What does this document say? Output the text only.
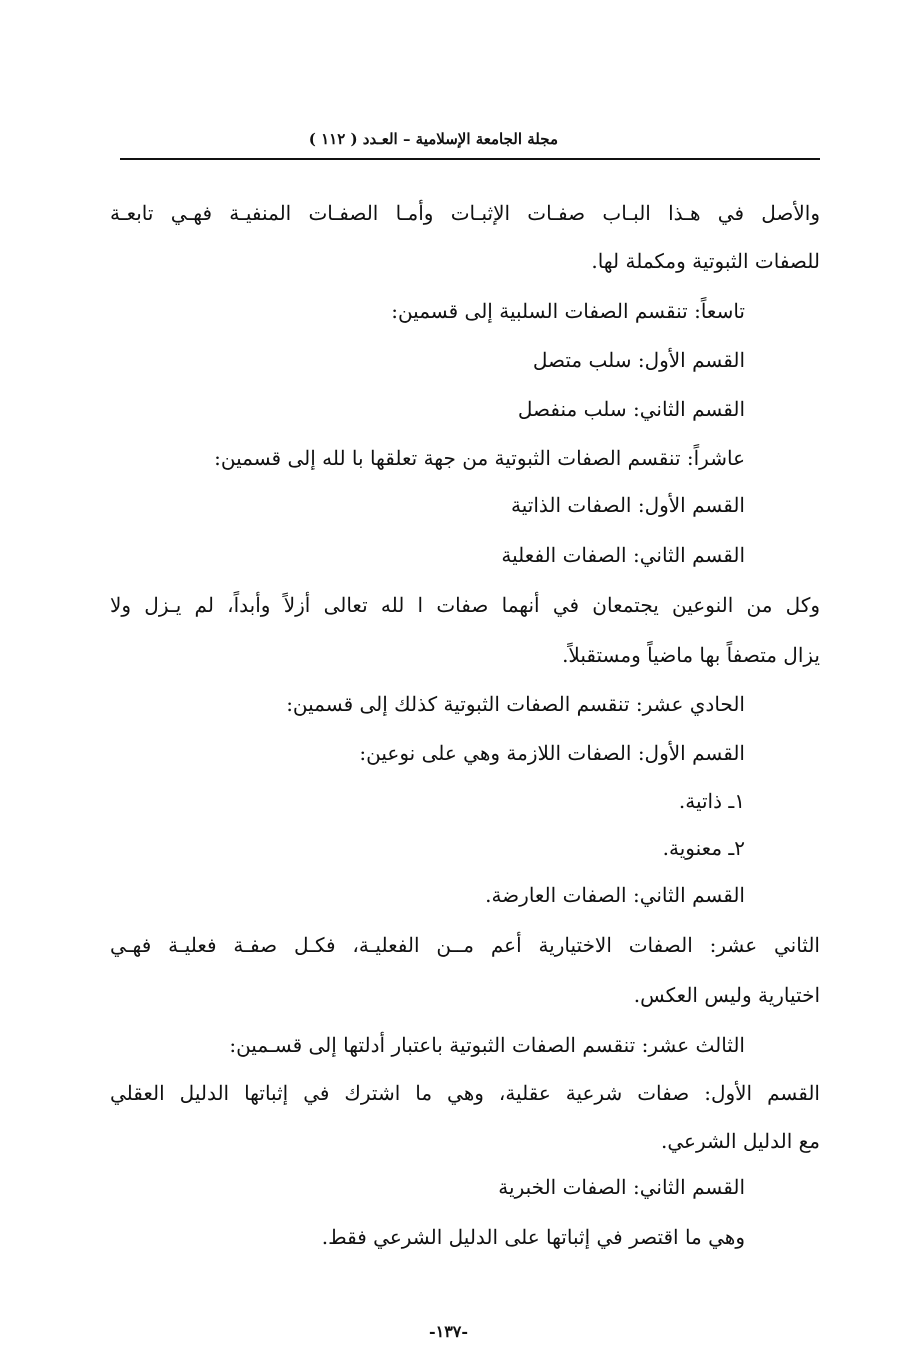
مجلة الجامعة الإسلامية – العـدد ( ١١٢ )
والأصل في هـذا البـاب صفـات الإثبـات وأمـا الصفـات المنفيـة فهـي تابعـة
للصفات الثبوتية ومكملة لها.
تاسعاً: تنقسم الصفات السلبية إلى قسمين:
القسم الأول: سلب متصل
القسم الثاني: سلب منفصل
عاشراً: تنقسم الصفات الثبوتية من جهة تعلقها با لله إلى قسمين:
القسم الأول: الصفات الذاتية
القسم الثاني: الصفات الفعلية
وكل من النوعين يجتمعان في أنهما صفات ا لله تعالى أزلاً وأبداً، لم يـزل ولا
يزال متصفاً بها ماضياً ومستقبلاً.
الحادي عشر: تنقسم الصفات الثبوتية كذلك إلى قسمين:
القسم الأول: الصفات اللازمة وهي على نوعين:
١ـ ذاتية.
٢ـ معنوية.
القسم الثاني: الصفات العارضة.
الثاني عشر: الصفات الاختيارية أعم مــن الفعليـة، فكـل صفـة فعليـة فهـي
اختيارية وليس العكس.
الثالث عشر: تنقسم الصفات الثبوتية باعتبار أدلتها إلى قسـمين:
القسم الأول: صفات شرعية عقلية، وهي ما اشترك في إثباتها الدليل العقلي
مع الدليل الشرعي.
القسم الثاني: الصفات الخبرية
وهي ما اقتصر في إثباتها على الدليل الشرعي فقط.
-١٣٧-
